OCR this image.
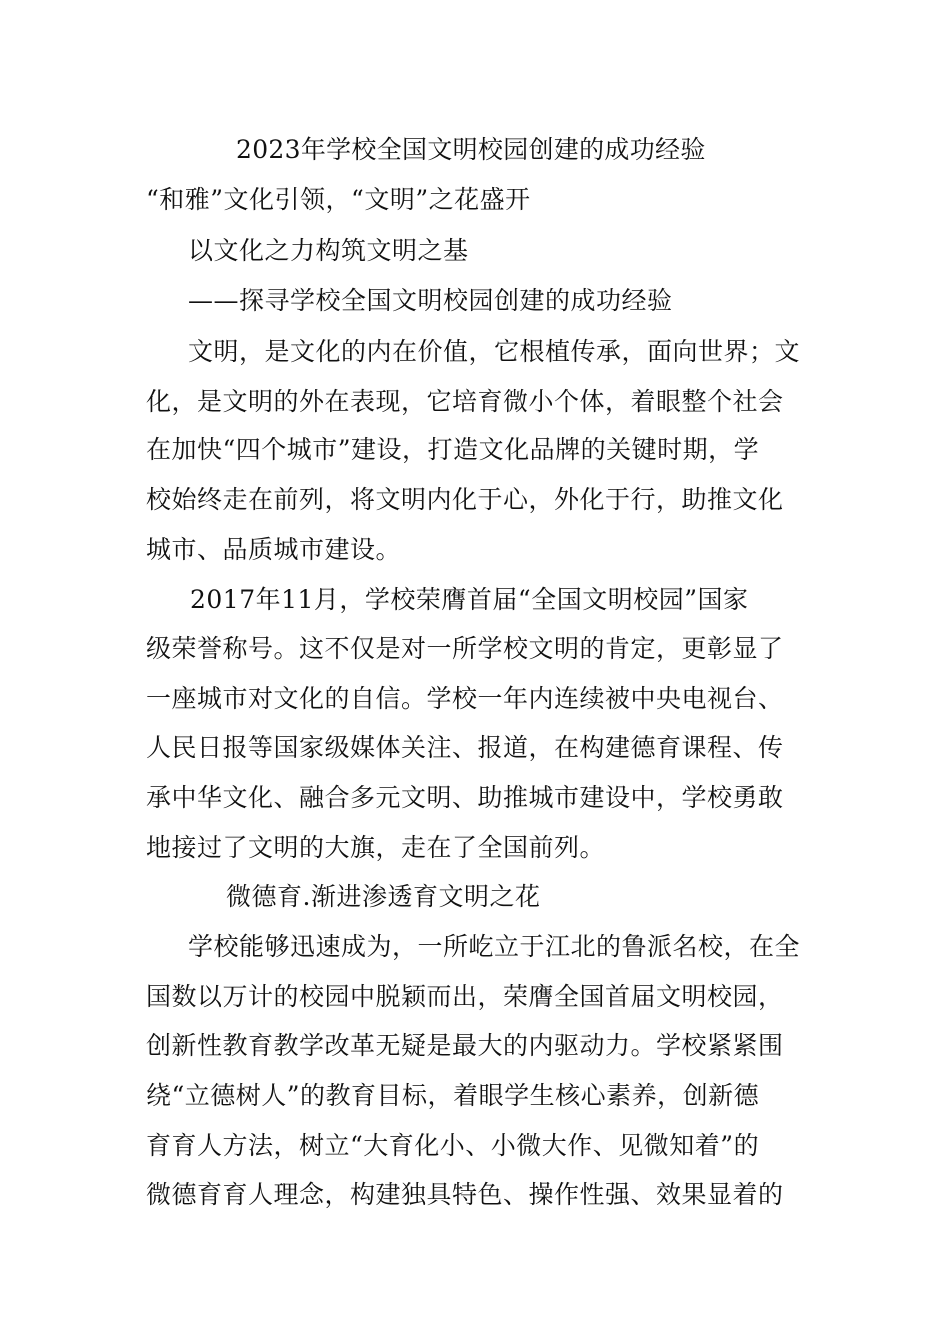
2023年学校全国文明校园创建的成功经验
“和雅”文化引领，“文明”之花盛开
以文化之力构筑文明之基
——探寻学校全国文明校园创建的成功经验
文明，是文化的内在价值，它根植传承，面向世界；文
化，是文明的外在表现，它培育微小个体，着眼整个社会
在加快“四个城市”建设，打造文化品牌的关键时期，学
校始终走在前列，将文明内化于心，外化于行，助推文化
城市、品质城市建设。
2017年11月，学校荣膺首届“全国文明校园”国家
级荣誉称号。这不仅是对一所学校文明的肯定，更彰显了
一座城市对文化的自信。学校一年内连续被中央电视台、
人民日报等国家级媒体关注、报道，在构建德育课程、传
承中华文化、融合多元文明、助推城市建设中，学校勇敢
地接过了文明的大旗，走在了全国前列。
微德育.渐进渗透育文明之花
学校能够迅速成为，一所屹立于江北的鲁派名校，在全
国数以万计的校园中脱颖而出，荣膺全国首届文明校园，
创新性教育教学改革无疑是最大的内驱动力。学校紧紧围
绕“立德树人”的教育目标，着眼学生核心素养，创新德
育育人方法，树立“大育化小、小微大作、见微知着”的
微德育育人理念，构建独具特色、操作性强、效果显着的
